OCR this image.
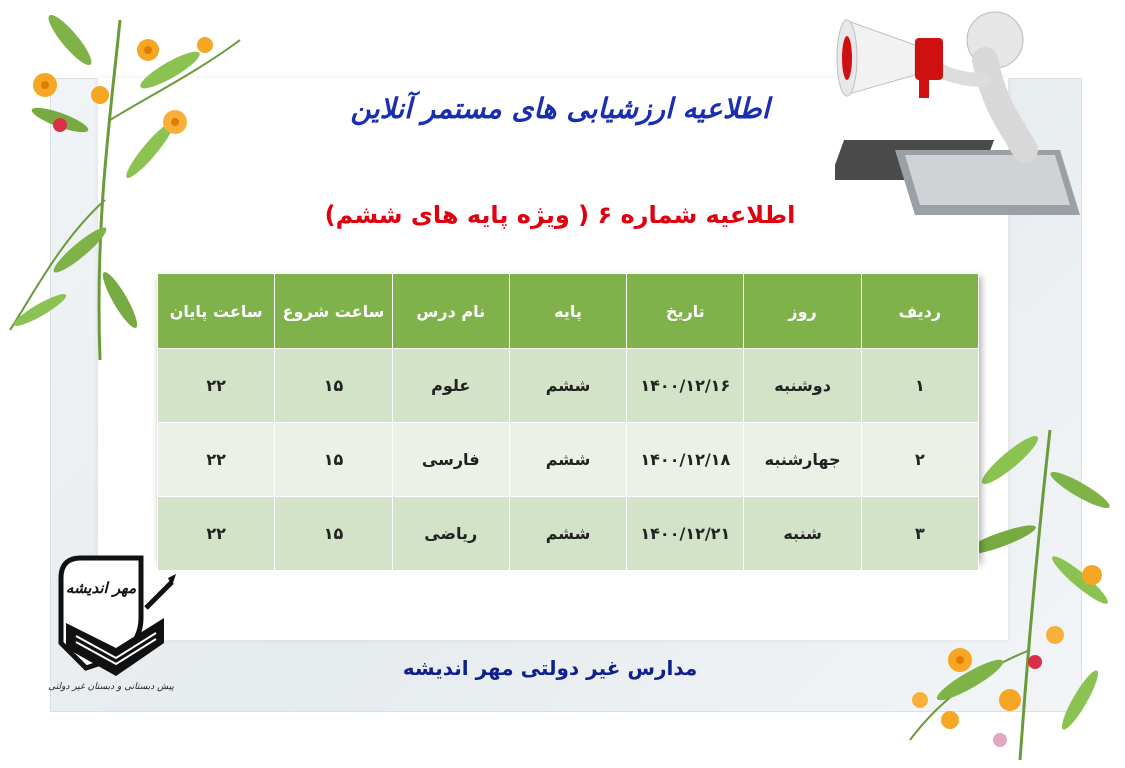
اطلاعیه ارزشیابی های مستمر آنلاین
اطلاعیه شماره ۶ ( ویژه پایه های ششم)
ردیف	روز	تاریخ	پایه	نام درس	ساعت شروع	ساعت پایان
۱	دوشنبه	۱۴۰۰/۱۲/۱۶	ششم	علوم	۱۵	۲۲
۲	جهارشنبه	۱۴۰۰/۱۲/۱۸	ششم	فارسی	۱۵	۲۲
۳	شنبه	۱۴۰۰/۱۲/۲۱	ششم	ریاضی	۱۵	۲۲
مدارس غیر دولتی مهر اندیشه
مهر اندیشه
پیش دبستانی و دبستان غیر دولتی
